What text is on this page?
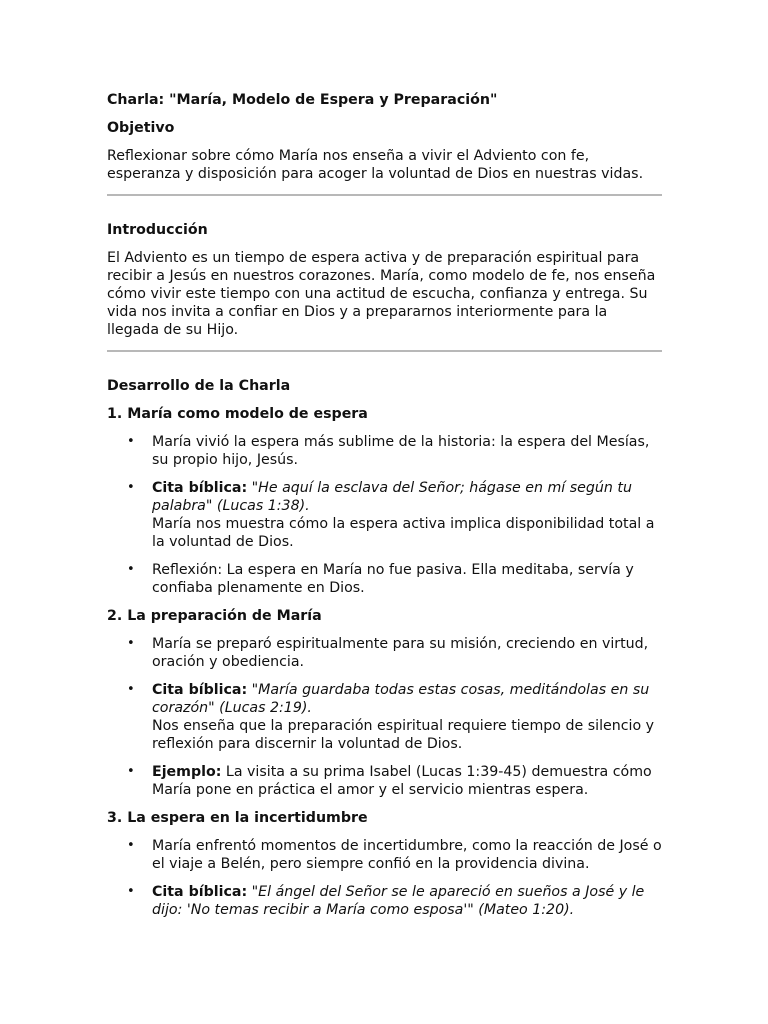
Charla: "María, Modelo de Espera y Preparación"

Objetivo

Reflexionar sobre cómo María nos enseña a vivir el Adviento con fe, esperanza y disposición para acoger la voluntad de Dios en nuestras vidas.

Introducción

El Adviento es un tiempo de espera activa y de preparación espiritual para recibir a Jesús en nuestros corazones. María, como modelo de fe, nos enseña cómo vivir este tiempo con una actitud de escucha, confianza y entrega. Su vida nos invita a confiar en Dios y a prepararnos interiormente para la llegada de su Hijo.

Desarrollo de la Charla

1. María como modelo de espera

• María vivió la espera más sublime de la historia: la espera del Mesías, su propio hijo, Jesús.
• Cita bíblica: "He aquí la esclava del Señor; hágase en mí según tu palabra" (Lucas 1:38).
María nos muestra cómo la espera activa implica disponibilidad total a la voluntad de Dios.
• Reflexión: La espera en María no fue pasiva. Ella meditaba, servía y confiaba plenamente en Dios.

2. La preparación de María

• María se preparó espiritualmente para su misión, creciendo en virtud, oración y obediencia.
• Cita bíblica: "María guardaba todas estas cosas, meditándolas en su corazón" (Lucas 2:19).
Nos enseña que la preparación espiritual requiere tiempo de silencio y reflexión para discernir la voluntad de Dios.
• Ejemplo: La visita a su prima Isabel (Lucas 1:39-45) demuestra cómo María pone en práctica el amor y el servicio mientras espera.

3. La espera en la incertidumbre

• María enfrentó momentos de incertidumbre, como la reacción de José o el viaje a Belén, pero siempre confió en la providencia divina.
• Cita bíblica: "El ángel del Señor se le apareció en sueños a José y le dijo: 'No temas recibir a María como esposa'" (Mateo 1:20).
